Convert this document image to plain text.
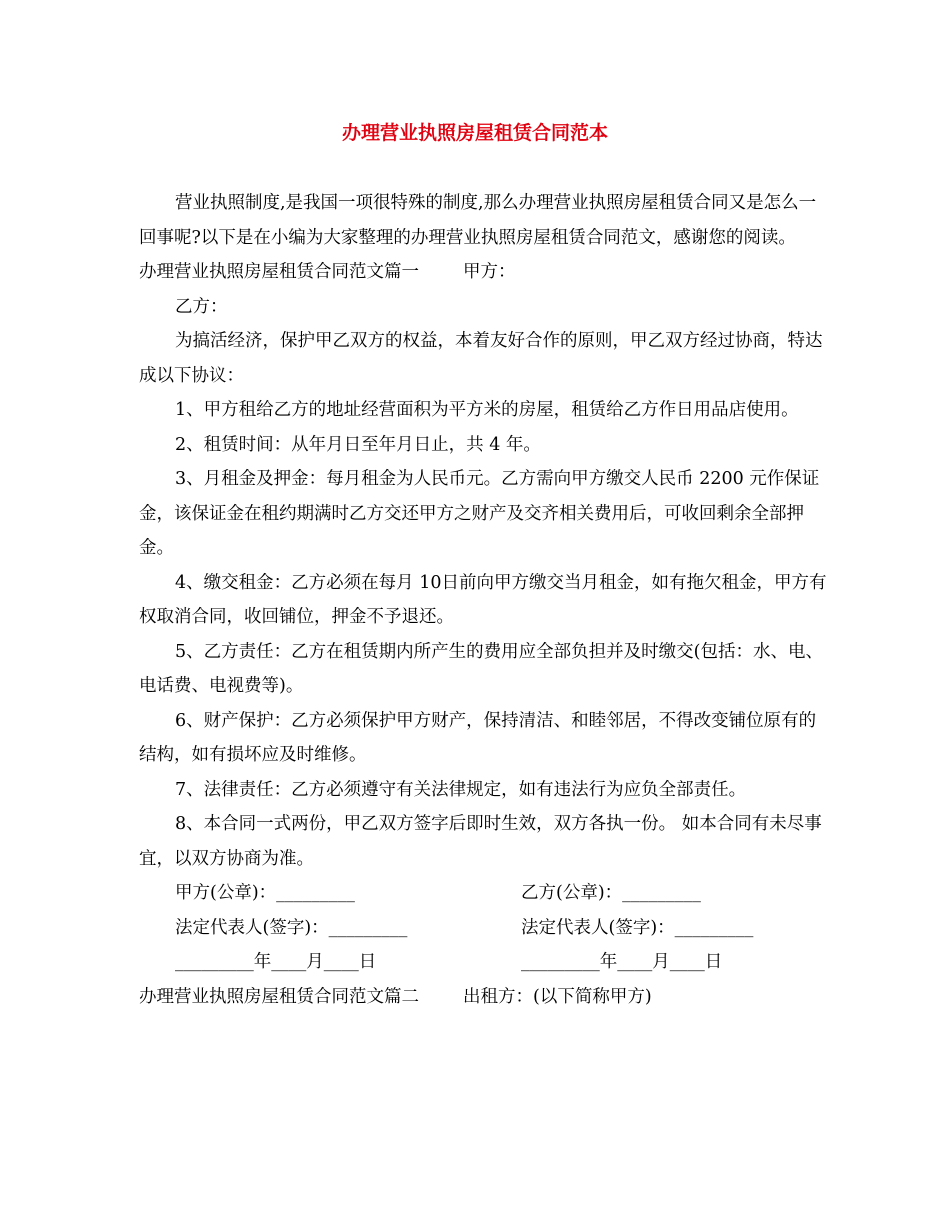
办理营业执照房屋租赁合同范本

营业执照制度,是我国一项很特殊的制度,那么办理营业执照房屋租赁合同又是怎么一回事呢?以下是在小编为大家整理的办理营业执照房屋租赁合同范文，感谢您的阅读。

办理营业执照房屋租赁合同范文篇一	甲方：

乙方：

为搞活经济，保护甲乙双方的权益，本着友好合作的原则，甲乙双方经过协商，特达成以下协议：

1、甲方租给乙方的地址经营面积为平方米的房屋，租赁给乙方作日用品店使用。

2、租赁时间：从年月日至年月日止，共 4 年。

3、月租金及押金：每月租金为人民币元。乙方需向甲方缴交人民币 2200 元作保证金，该保证金在租约期满时乙方交还甲方之财产及交齐相关费用后，可收回剩余全部押金。

4、缴交租金：乙方必须在每月 10日前向甲方缴交当月租金，如有拖欠租金，甲方有权取消合同，收回铺位，押金不予退还。

5、乙方责任：乙方在租赁期内所产生的费用应全部负担并及时缴交(包括：水、电、电话费、电视费等)。

6、财产保护：乙方必须保护甲方财产，保持清洁、和睦邻居，不得改变铺位原有的结构，如有损坏应及时维修。

7、法律责任：乙方必须遵守有关法律规定，如有违法行为应负全部责任。

8、本合同一式两份，甲乙双方签字后即时生效，双方各执一份。 如本合同有未尽事宜，以双方协商为准。

甲方(公章)：_________	乙方(公章)：_________
法定代表人(签字)：_________	法定代表人(签字)：_________
_________年____月____日	_________年____月____日

办理营业执照房屋租赁合同范文篇二	出租方：(以下简称甲方)
